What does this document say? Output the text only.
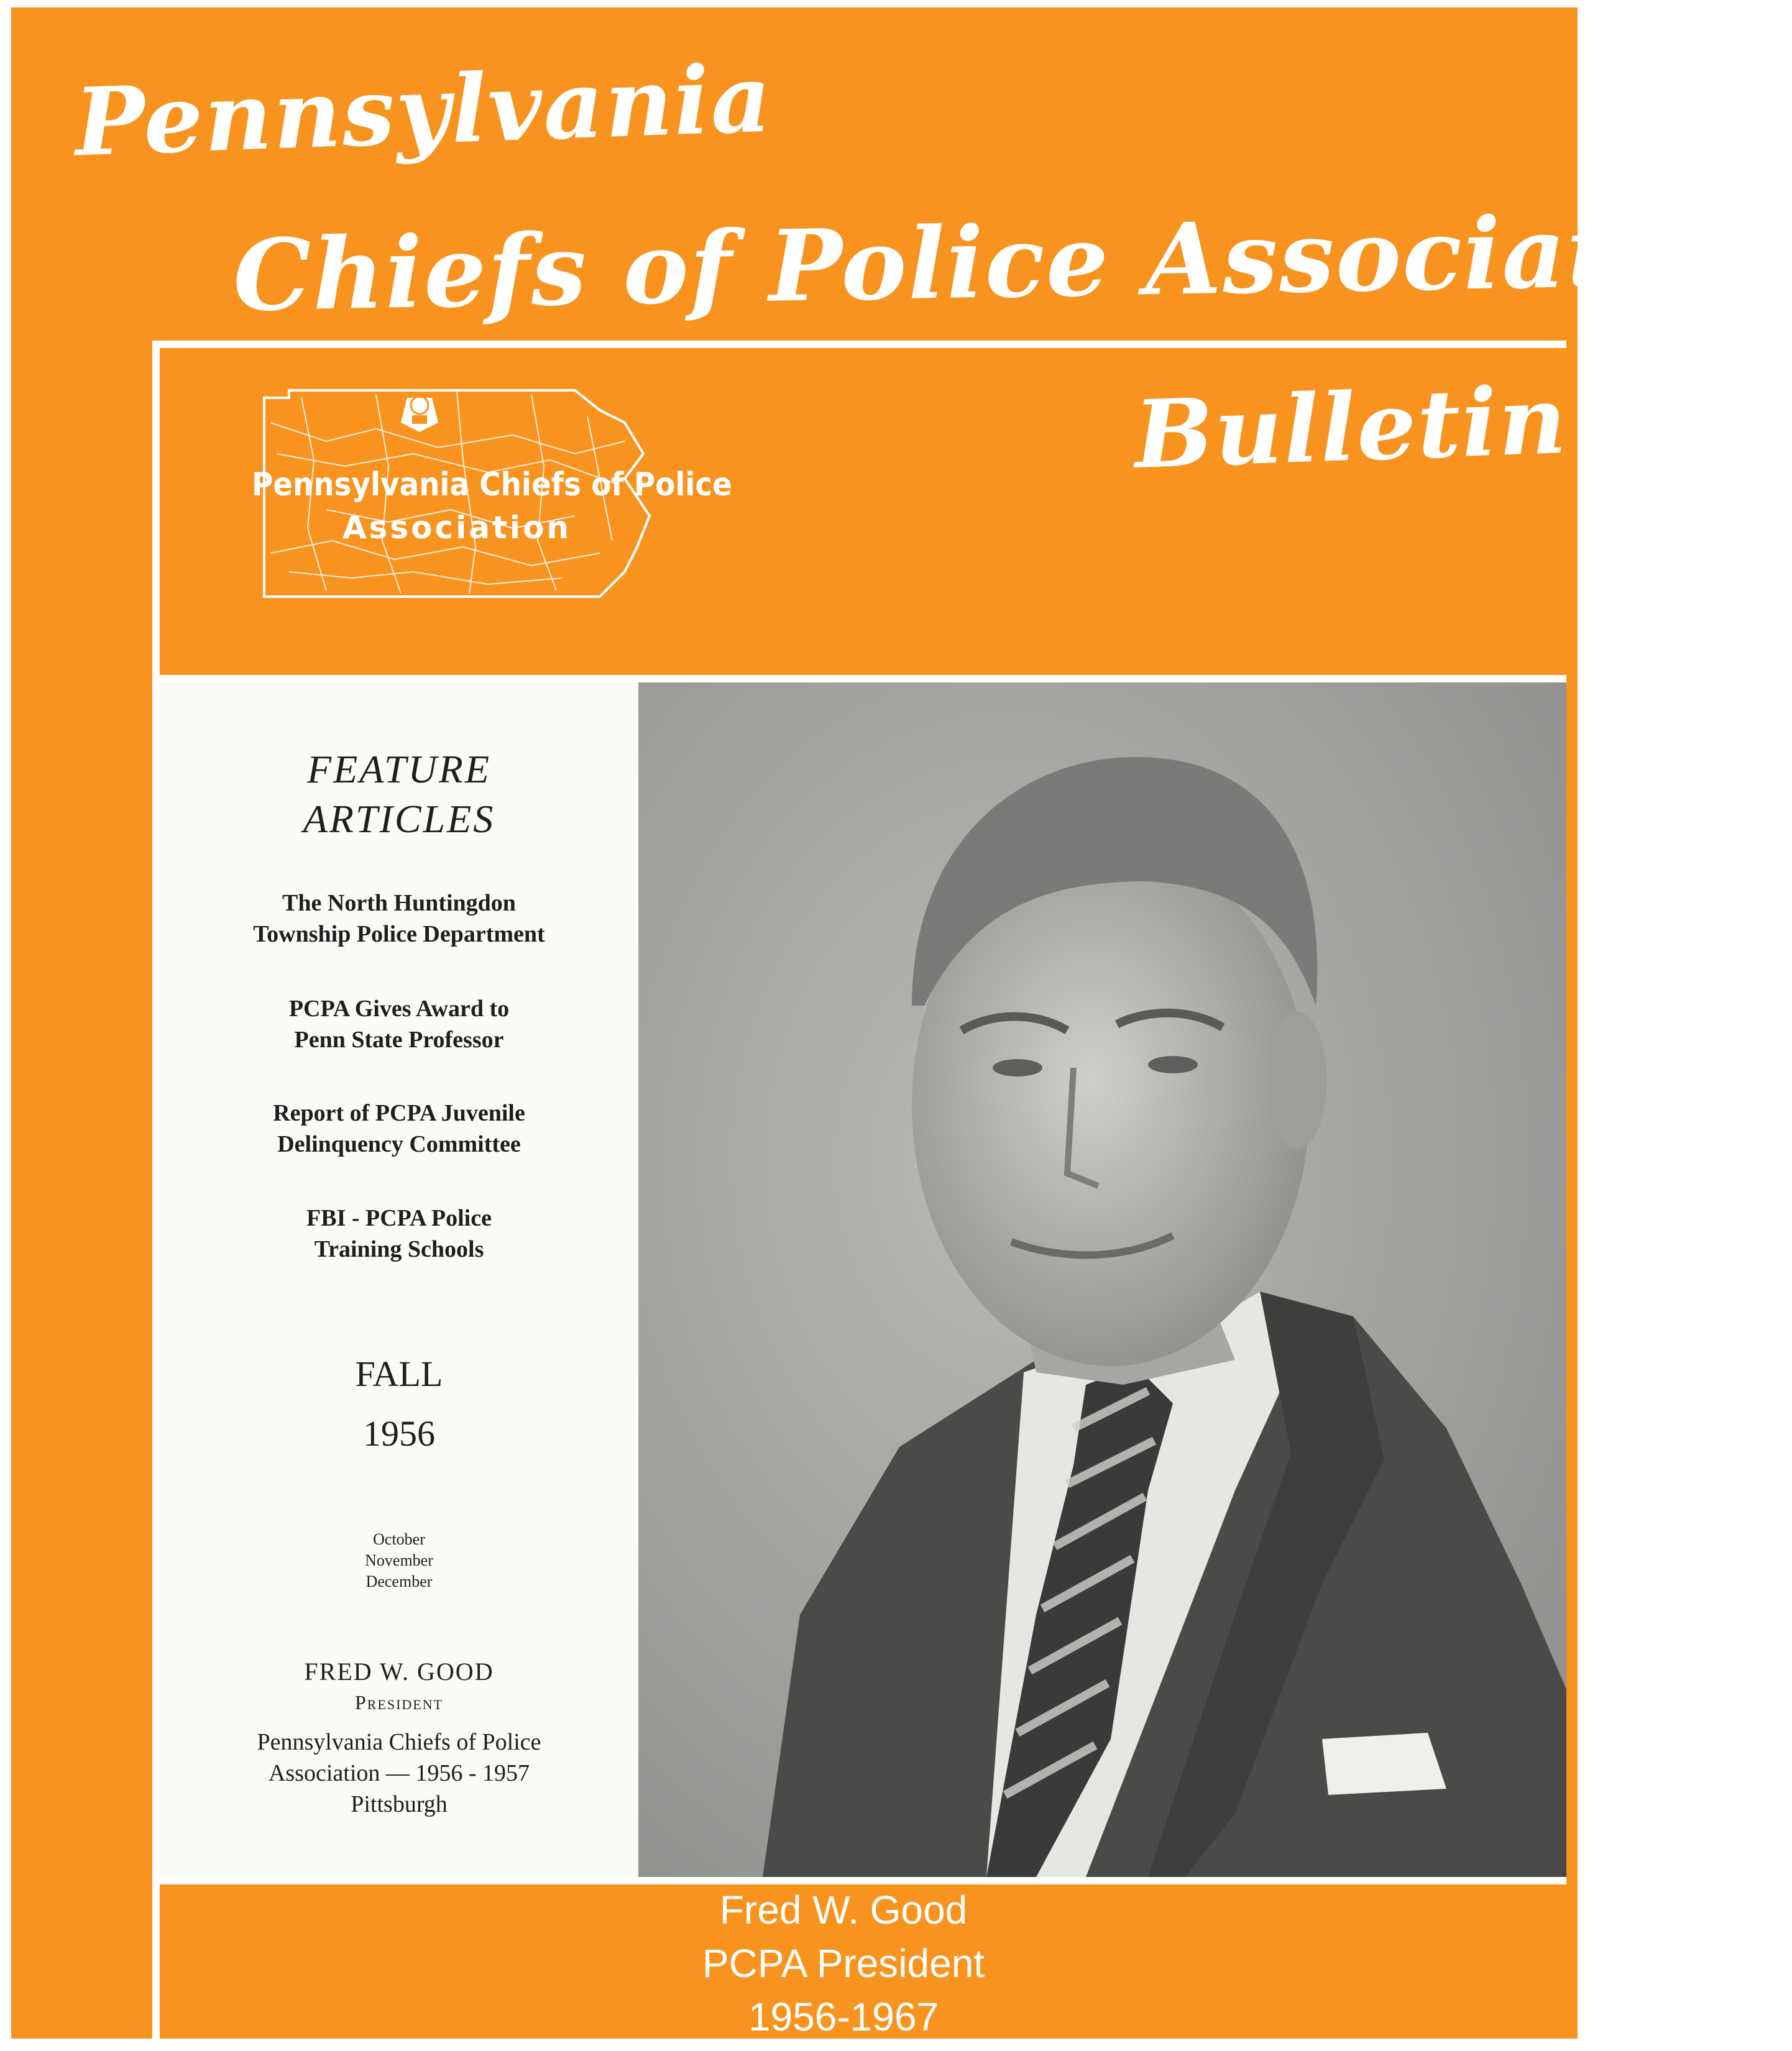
Pennsylvania
Chiefs of Police Association
Bulletin
Pennsylvania Chiefs of Police
Association
FEATURE
ARTICLES
The North Huntingdon
Township Police Department
PCPA Gives Award to
Penn State Professor
Report of PCPA Juvenile
Delinquency Committee
FBI - PCPA Police
Training Schools
FALL
1956
October
November
December
FRED W. GOOD
President
Pennsylvania Chiefs of Police
Association — 1956 - 1957
Pittsburgh
Fred W. Good
PCPA President
1956-1967
